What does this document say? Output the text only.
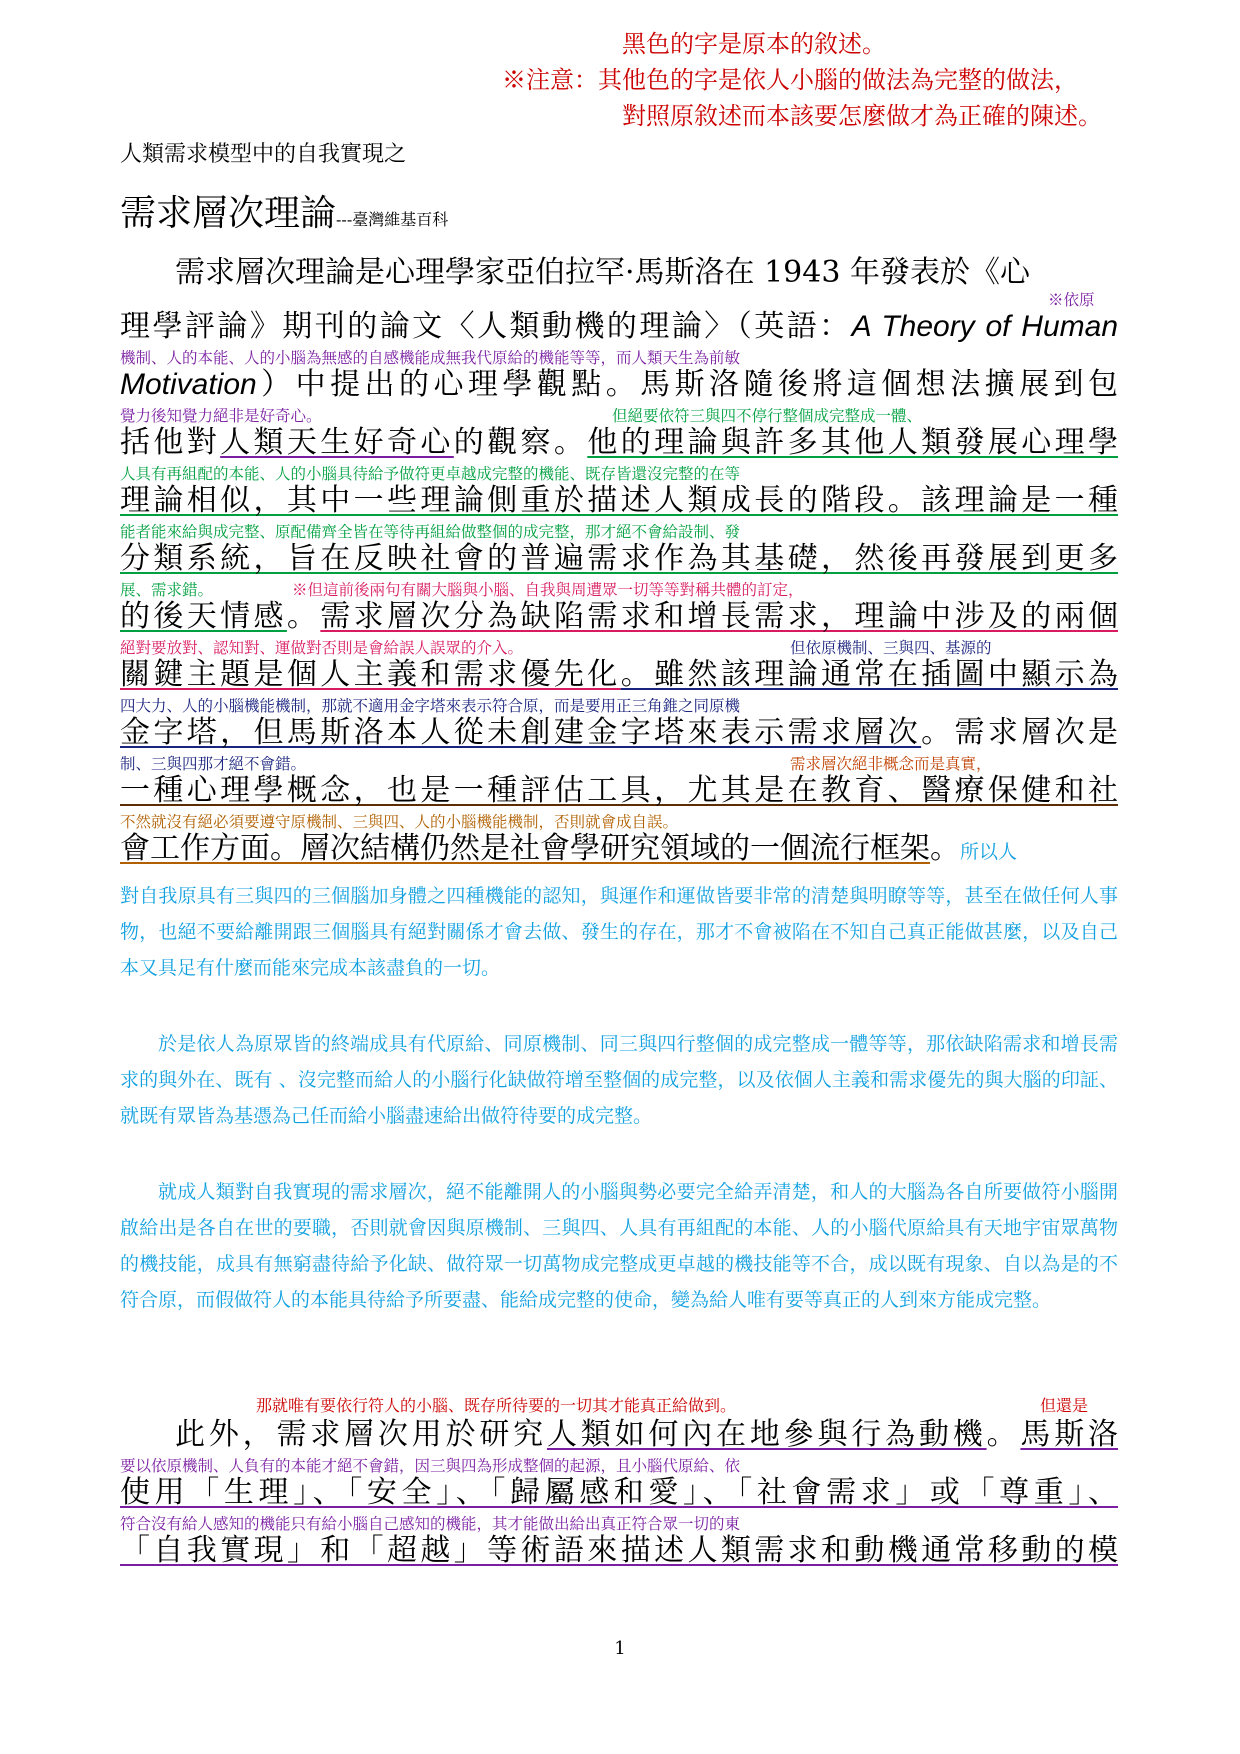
黑色的字是原本的敘述。

※注意：其他色的字是依人小腦的做法為完整的做法，

對照原敘述而本該要怎麼做才為正確的陳述。

人類需求模型中的自我實現之

需求層次理論---臺灣維基百科
需求層次理論是心理學家亞伯拉罕·馬斯洛在 1943 年發表於《心
※依原
理學評論》期刊的論文〈人類動機的理論〉（英語：A Theory of Human
機制、人的本能、人的小腦為無感的自感機能成無我代原給的機能等等，而人類天生為前敏
Motivation）中提出的心理學觀點。馬斯洛隨後將這個想法擴展到包
覺力後知覺力絕非是好奇心。	但絕要依符三與四不停行整個成完整成一體、
括他對人類天生好奇心的觀察。他的理論與許多其他人類發展心理學
人具有再組配的本能、人的小腦具待給予做符更卓越成完整的機能、既存皆還沒完整的在等
理論相似，其中一些理論側重於描述人類成長的階段。該理論是一種
能者能來給與成完整、原配備齊全皆在等待再組給做整個的成完整，那才絕不會給設制、發
分類系統，旨在反映社會的普遍需求作為其基礎，然後再發展到更多
展、需求錯。	※但這前後兩句有關大腦與小腦、自我與周遭眾一切等等對稱共體的訂定，
的後天情感。需求層次分為缺陷需求和增長需求，理論中涉及的兩個
絕對要放對、認知對、運做對否則是會給誤人誤眾的介入。	但依原機制、三與四、基源的
關鍵主題是個人主義和需求優先化。雖然該理論通常在插圖中顯示為
四大力、人的小腦機能機制，那就不適用金字塔來表示符合原，而是要用正三角錐之同原機
金字塔，但馬斯洛本人從未創建金字塔來表示需求層次。需求層次是
制、三與四那才絕不會錯。	需求層次絕非概念而是真實，
一種心理學概念，也是一種評估工具，尤其是在教育、醫療保健和社
不然就沒有絕必須要遵守原機制、三與四、人的小腦機能機制，否則就會成自誤。
會工作方面。層次結構仍然是社會學研究領域的一個流行框架。所以人
對自我原具有三與四的三個腦加身體之四種機能的認知，與運作和運做皆要非常的清楚與明瞭等等，甚至在做任何人事物，也絕不要給離開跟三個腦具有絕對關係才會去做、發生的存在，那才不會被陷在不知自己真正能做甚麼，以及自己本又具足有什麼而能來完成本該盡負的一切。
於是依人為原眾皆的終端成具有代原給、同原機制、同三與四行整個的成完整成一體等等，那依缺陷需求和增長需求的與外在、既有 、沒完整而給人的小腦行化缺做符增至整個的成完整，以及依個人主義和需求優先的與大腦的印証、就既有眾皆為基憑為己任而給小腦盡速給出做符待要的成完整。
就成人類對自我實現的需求層次，絕不能離開人的小腦與勢必要完全給弄清楚，和人的大腦為各自所要做符小腦開啟給出是各自在世的要職，否則就會因與原機制、三與四、人具有再組配的本能、人的小腦代原給具有天地宇宙眾萬物的機技能，成具有無窮盡待給予化缺、做符眾一切萬物成完整成更卓越的機技能等不合，成以既有現象、自以為是的不符合原，而假做符人的本能具待給予所要盡、能給成完整的使命，變為給人唯有要等真正的人到來方能成完整。
那就唯有要依行符人的小腦、既存所待要的一切其才能真正給做到。	但還是
此外，需求層次用於研究人類如何內在地參與行為動機。馬斯洛
要以依原機制、人負有的本能才絕不會錯，因三與四為形成整個的起源，且小腦代原給、依
使用「生理」、「安全」、「歸屬感和愛」、「社會需求」或「尊重」、
符合沒有給人感知的機能只有給小腦自己感知的機能，其才能做出給出真正符合眾一切的東
「自我實現」和「超越」等術語來描述人類需求和動機通常移動的模
1
